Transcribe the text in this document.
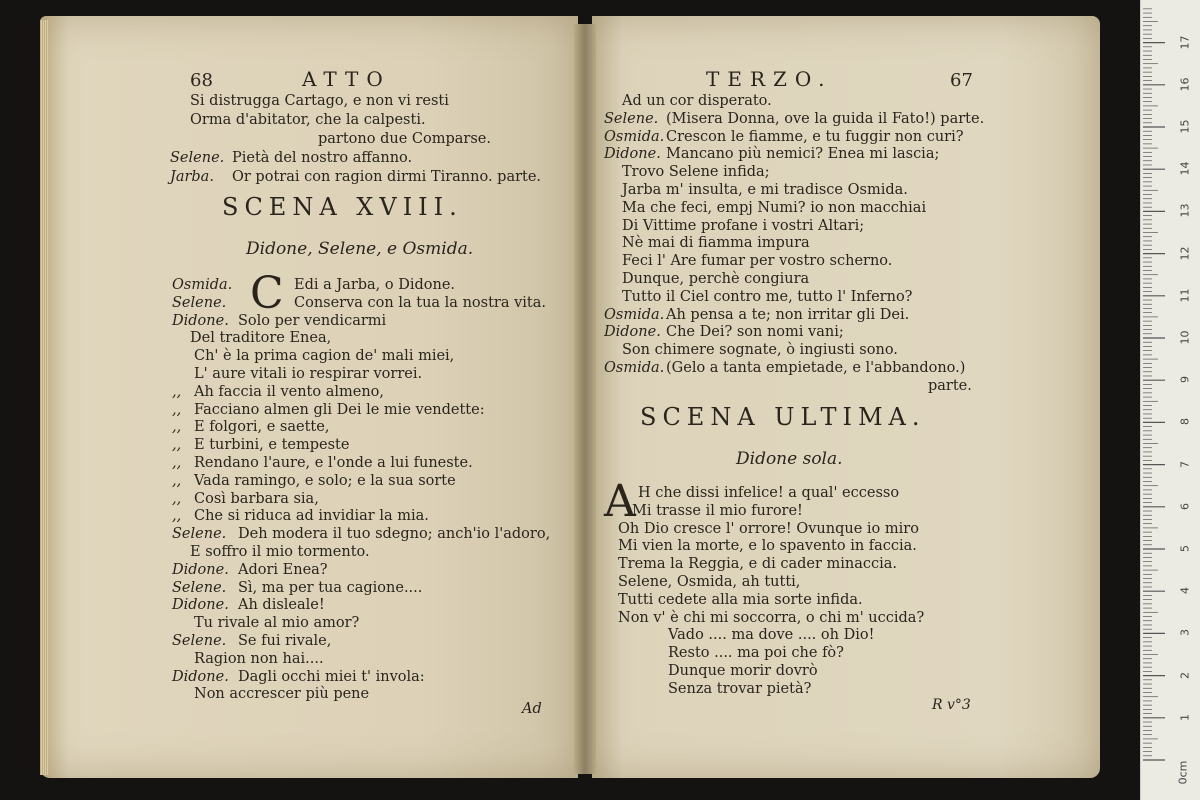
68	ATTO
Si distrugga Cartago, e non vi resti
Orma d'abitator, che la calpesti.
partono due Comparse.
Selene. Pietà del nostro affanno.
Jarba. Or potrai con ragion dirmi Tiranno. parte.
SCENA XVIII.
Didone, Selene, e Osmida.
C
Osmida.	Edi a Jarba, o Didone.
Selene.	Conserva con la tua la nostra vita.
Didone. Solo per vendicarmi
Del traditore Enea,
Ch' è la prima cagion de' mali miei,
L' aure vitali io respirar vorrei.
,, Ah faccia il vento almeno,
,, Facciano almen gli Dei le mie vendette:
,, E folgori, e saette,
,, E turbini, e tempeste
,, Rendano l'aure, e l'onde a lui funeste.
,, Vada ramingo, e solo; e la sua sorte
,, Così barbara sia,
,, Che si riduca ad invidiar la mia.
Selene. Deh modera il tuo sdegno; anch'io l'adoro,
E soffro il mio tormento.
Didone. Adori Enea?
Selene. Sì, ma per tua cagione....
Didone. Ah disleale!
Tu rivale al mio amor?
Selene. Se fui rivale,
Ragion non hai....
Didone. Dagli occhi miei t' invola:
Non accrescer più pene
Ad
TERZO.	67
Ad un cor disperato.
Selene. (Misera Donna, ove la guida il Fato!) parte.
Osmida. Crescon le fiamme, e tu fuggir non curi?
Didone. Mancano più nemici? Enea mi lascia;
Trovo Selene infida;
Jarba m' insulta, e mi tradisce Osmida.
Ma che feci, empj Numi? io non macchiai
Di Vittime profane i vostri Altari;
Nè mai di fiamma impura
Feci l' Are fumar per vostro scherno.
Dunque, perchè congiura
Tutto il Ciel contro me, tutto l' Inferno?
Osmida. Ah pensa a te; non irritar gli Dei.
Didone. Che Dei? son nomi vani;
Son chimere sognate, ò ingiusti sono.
Osmida. (Gelo a tanta empietade, e l'abbandono.)
parte.
SCENA ULTIMA.
Didone sola.
A H che dissi infelice! a qual' eccesso
Mi trasse il mio furore!
Oh Dio cresce l' orrore! Ovunque io miro
Mi vien la morte, e lo spavento in faccia.
Trema la Reggia, e di cader minaccia.
Selene, Osmida, ah tutti,
Tutti cedete alla mia sorte infida.
Non v' è chi mi soccorra, o chi m' uccida?
Vado .... ma dove .... oh Dio!
Resto .... ma poi che fò?
Dunque morir dovrò
Senza trovar pietà?
R v°3
17
16
15
14
13
12
11
10
9
8
7
6
5
4
3
2
1
0cm
